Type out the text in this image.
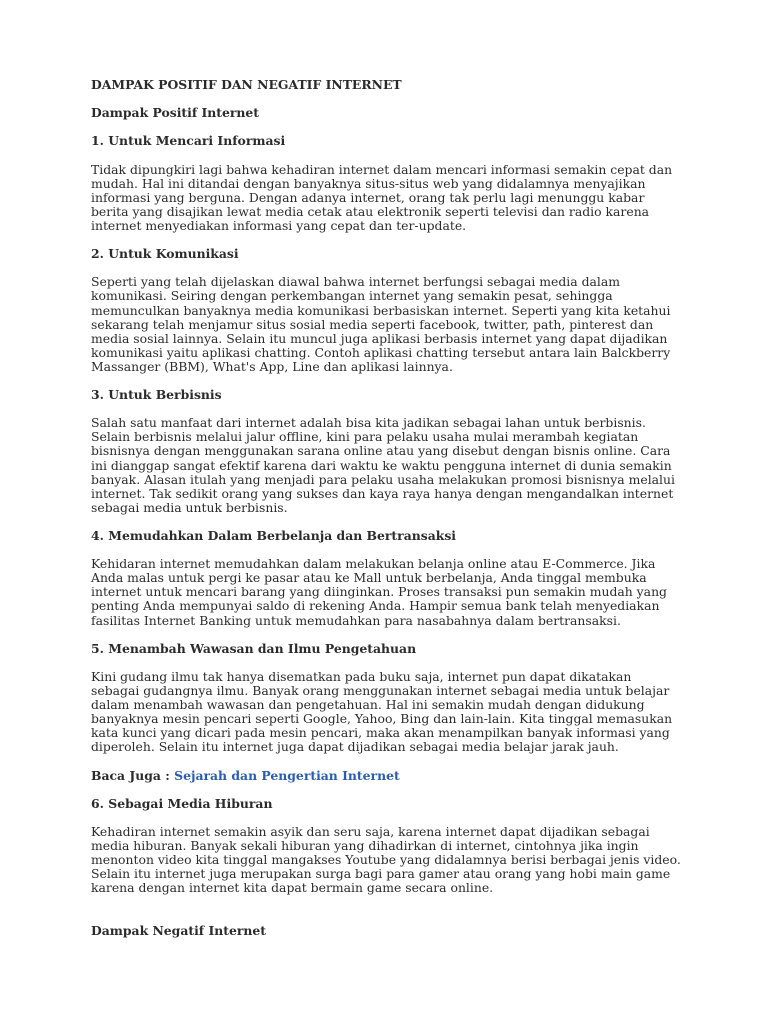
DAMPAK POSITIF DAN NEGATIF INTERNET

Dampak Positif Internet

1. Untuk Mencari Informasi

Tidak dipungkiri lagi bahwa kehadiran internet dalam mencari informasi semakin cepat dan mudah. Hal ini ditandai dengan banyaknya situs-situs web yang didalamnya menyajikan informasi yang berguna. Dengan adanya internet, orang tak perlu lagi menunggu kabar berita yang disajikan lewat media cetak atau elektronik seperti televisi dan radio karena internet menyediakan informasi yang cepat dan ter-update.

2. Untuk Komunikasi

Seperti yang telah dijelaskan diawal bahwa internet berfungsi sebagai media dalam komunikasi. Seiring dengan perkembangan internet yang semakin pesat, sehingga memunculkan banyaknya media komunikasi berbasiskan internet. Seperti yang kita ketahui sekarang telah menjamur situs sosial media seperti facebook, twitter, path, pinterest dan media sosial lainnya. Selain itu muncul juga aplikasi berbasis internet yang dapat dijadikan komunikasi yaitu aplikasi chatting. Contoh aplikasi chatting tersebut antara lain Balckberry Massanger (BBM), What's App, Line dan aplikasi lainnya.

3. Untuk Berbisnis

Salah satu manfaat dari internet adalah bisa kita jadikan sebagai lahan untuk berbisnis. Selain berbisnis melalui jalur offline, kini para pelaku usaha mulai merambah kegiatan bisnisnya dengan menggunakan sarana online atau yang disebut dengan bisnis online. Cara ini dianggap sangat efektif karena dari waktu ke waktu pengguna internet di dunia semakin banyak. Alasan itulah yang menjadi para pelaku usaha melakukan promosi bisnisnya melalui internet. Tak sedikit orang yang sukses dan kaya raya hanya dengan mengandalkan internet sebagai media untuk berbisnis.

4. Memudahkan Dalam Berbelanja dan Bertransaksi

Kehidaran internet memudahkan dalam melakukan belanja online atau E-Commerce. Jika Anda malas untuk pergi ke pasar atau ke Mall untuk berbelanja, Anda tinggal membuka internet untuk mencari barang yang diinginkan. Proses transaksi pun semakin mudah yang penting Anda mempunyai saldo di rekening Anda. Hampir semua bank telah menyediakan fasilitas Internet Banking untuk memudahkan para nasabahnya dalam bertransaksi.

5. Menambah Wawasan dan Ilmu Pengetahuan

Kini gudang ilmu tak hanya disematkan pada buku saja, internet pun dapat dikatakan sebagai gudangnya ilmu. Banyak orang menggunakan internet sebagai media untuk belajar dalam menambah wawasan dan pengetahuan. Hal ini semakin mudah dengan didukung banyaknya mesin pencari seperti Google, Yahoo, Bing dan lain-lain. Kita tinggal memasukan kata kunci yang dicari pada mesin pencari, maka akan menampilkan banyak informasi yang diperoleh. Selain itu internet juga dapat dijadikan sebagai media belajar jarak jauh.

Baca Juga : Sejarah dan Pengertian Internet

6. Sebagai Media Hiburan

Kehadiran internet semakin asyik dan seru saja, karena internet dapat dijadikan sebagai media hiburan. Banyak sekali hiburan yang dihadirkan di internet, cintohnya jika ingin menonton video kita tinggal mangakses Youtube yang didalamnya berisi berbagai jenis video. Selain itu internet juga merupakan surga bagi para gamer atau orang yang hobi main game karena dengan internet kita dapat bermain game secara online.

Dampak Negatif Internet
